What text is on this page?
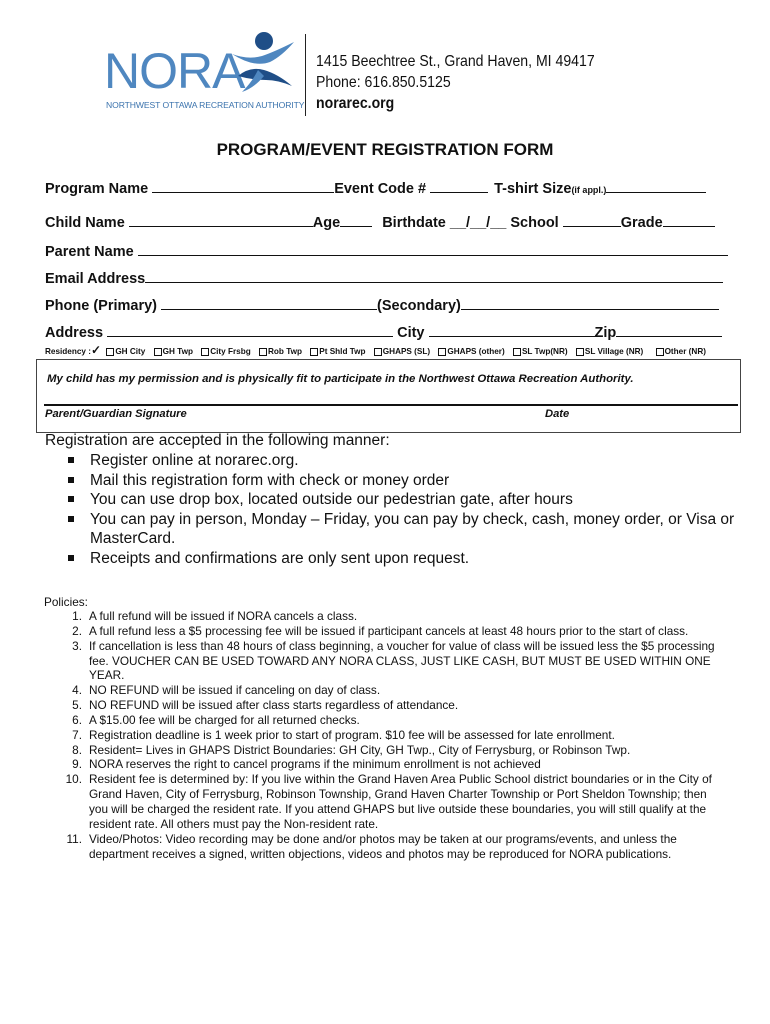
NORA
NORTHWEST OTTAWA RECREATION AUTHORITY
1415 Beechtree St., Grand Haven, MI 49417
Phone: 616.850.5125
norarec.org
PROGRAM/EVENT REGISTRATION FORM
Program Name	Event Code #	T-shirt Size(if appl.)
Child Name	Age	Birthdate __/__/__ School	Grade
Parent Name
Email Address
Phone (Primary)	(Secondary)
Address	City	Zip
Residency :✓ GH City GH Twp City Frsbg Rob Twp Pt Shld Twp GHAPS (SL) GHAPS (other) SL Twp(NR) SL Village (NR)	Other (NR)
My child has my permission and is physically fit to participate in the Northwest Ottawa Recreation Authority.
Parent/Guardian Signature	Date
Registration are accepted in the following manner:
Register online at norarec.org.
Mail this registration form with check or money order
You can use drop box, located outside our pedestrian gate, after hours
You can pay in person, Monday – Friday, you can pay by check, cash, money order, or Visa or MasterCard.
Receipts and confirmations are only sent upon request.
Policies:
1. A full refund will be issued if NORA cancels a class.
2. A full refund less a $5 processing fee will be issued if participant cancels at least 48 hours prior to the start of class.
3. If cancellation is less than 48 hours of class beginning, a voucher for value of class will be issued less the $5 processing fee. VOUCHER CAN BE USED TOWARD ANY NORA CLASS, JUST LIKE CASH, BUT MUST BE USED WITHIN ONE YEAR.
4. NO REFUND will be issued if canceling on day of class.
5. NO REFUND will be issued after class starts regardless of attendance.
6. A $15.00 fee will be charged for all returned checks.
7. Registration deadline is 1 week prior to start of program. $10 fee will be assessed for late enrollment.
8. Resident= Lives in GHAPS District Boundaries: GH City, GH Twp., City of Ferrysburg, or Robinson Twp.
9. NORA reserves the right to cancel programs if the minimum enrollment is not achieved
10. Resident fee is determined by: If you live within the Grand Haven Area Public School district boundaries or in the City of Grand Haven, City of Ferrysburg, Robinson Township, Grand Haven Charter Township or Port Sheldon Township; then you will be charged the resident rate. If you attend GHAPS but live outside these boundaries, you will still qualify at the resident rate. All others must pay the Non-resident rate.
11. Video/Photos: Video recording may be done and/or photos may be taken at our programs/events, and unless the department receives a signed, written objections, videos and photos may be reproduced for NORA publications.
